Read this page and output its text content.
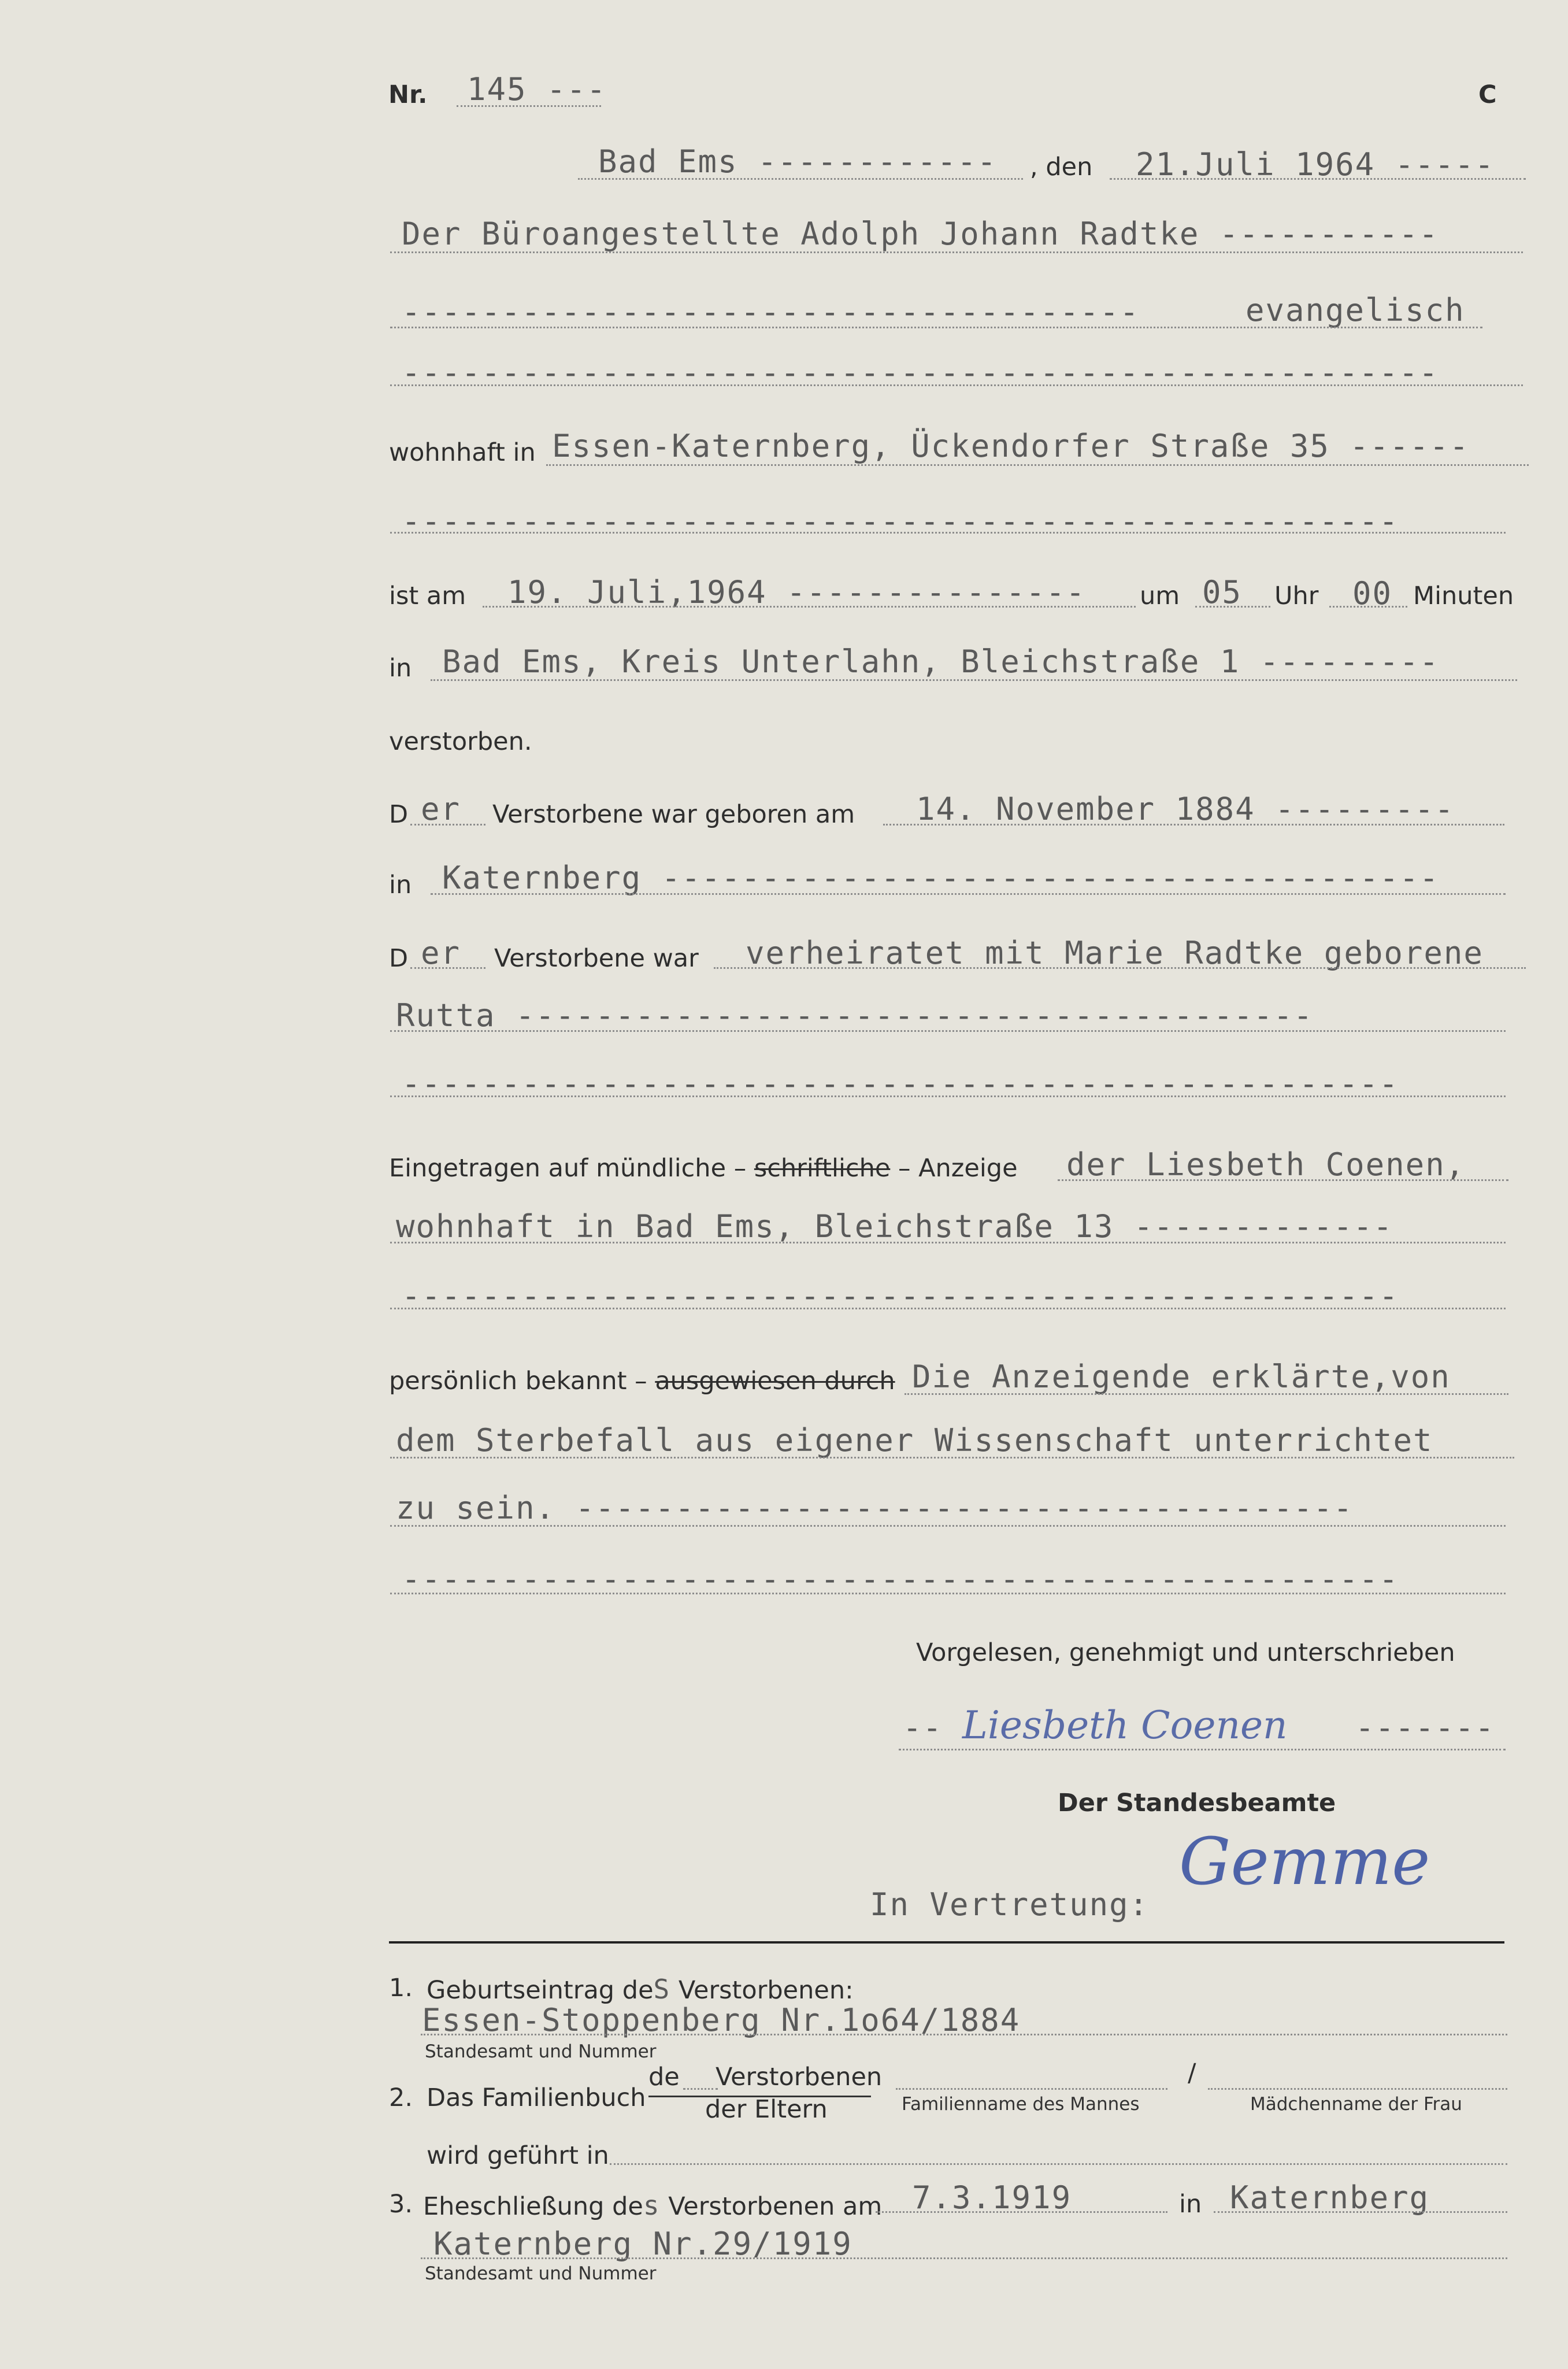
Nr. 145 ---	C
Bad Ems ------------ , den 21.Juli 1964 -----
Der Büroangestellte Adolph Johann Radtke -----------
-------------------------------------	evangelisch
----------------------------------------------------
wohnhaft in Essen-Katernberg, Ückendorfer Straße 35 ------
--------------------------------------------------
ist am 19. Juli,1964 --------------- um 05 Uhr 00 Minuten
in Bad Ems, Kreis Unterlahn, Bleichstraße 1 ---------
verstorben.
D er Verstorbene war geboren am 14. November 1884 ---------
in Katernberg ---------------------------------------
D er Verstorbene war verheiratet mit Marie Radtke geborene
Rutta ----------------------------------------
--------------------------------------------------
Eingetragen auf mündliche – schriftliche – Anzeige der Liesbeth Coenen,
wohnhaft in Bad Ems, Bleichstraße 13 -------------
--------------------------------------------------
persönlich bekannt – ausgewiesen durch Die Anzeigende erklärte,von
dem Sterbefall aus eigener Wissenschaft unterrichtet
zu sein. ---------------------------------------
--------------------------------------------------
Vorgelesen, genehmigt und unterschrieben
-- Liesbeth Coenen -------
Der Standesbeamte
In Vertretung:
Gemme
1. Geburtseintrag deS Verstorbenen:
Essen-Stoppenberg Nr.1o64/1884
Standesamt und Nummer
2. Das Familienbuch
de Verstorbenen
der Eltern
/
Familienname des Mannes	Mädchenname der Frau
wird geführt in
3. Eheschließung des Verstorbenen am 7.3.1919	in Katernberg
Katernberg Nr.29/1919
Standesamt und Nummer
